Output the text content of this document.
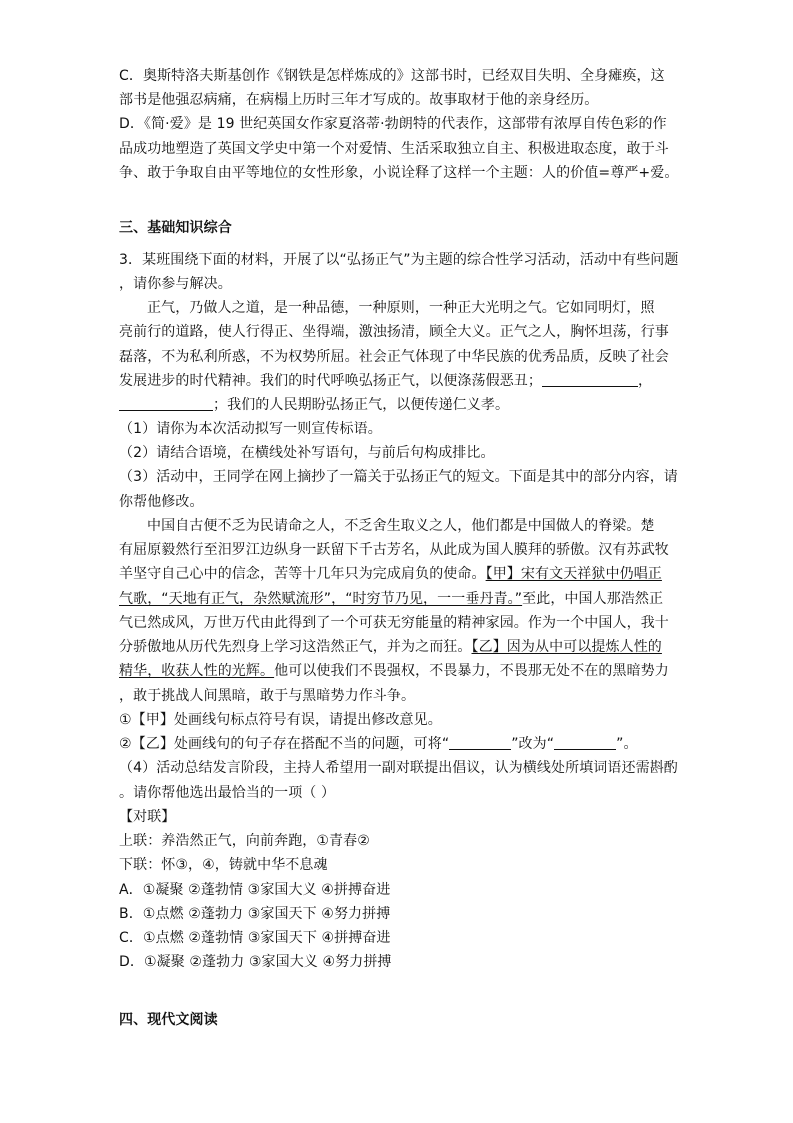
C．奥斯特洛夫斯基创作《钢铁是怎样炼成的》这部书时，已经双目失明、全身瘫痪，这
部书是他强忍病痛，在病榻上历时三年才写成的。故事取材于他的亲身经历。
D．《简·爱》是 19 世纪英国女作家夏洛蒂·勃朗特的代表作，这部带有浓厚自传色彩的作
品成功地塑造了英国文学史中第一个对爱情、生活采取独立自主、积极进取态度，敢于斗
争、敢于争取自由平等地位的女性形象，小说诠释了这样一个主题：人的价值=尊严+爱。
三、基础知识综合
3．某班围绕下面的材料，开展了以“弘扬正气”为主题的综合性学习活动，活动中有些问题
，请你参与解决。
正气，乃做人之道，是一种品德，一种原则，一种正大光明之气。它如同明灯，照
亮前行的道路，使人行得正、坐得端，激浊扬清，顾全大义。正气之人，胸怀坦荡，行事
磊落，不为私利所惑，不为权势所屈。社会正气体现了中华民族的优秀品质，反映了社会
发展进步的时代精神。我们的时代呼唤弘扬正气，以便涤荡假恶丑；	，
；我们的人民期盼弘扬正气，以便传递仁义孝。
（1）请你为本次活动拟写一则宣传标语。
（2）请结合语境，在横线处补写语句，与前后句构成排比。
（3）活动中，王同学在网上摘抄了一篇关于弘扬正气的短文。下面是其中的部分内容，请
你帮他修改。
中国自古便不乏为民请命之人，不乏舍生取义之人，他们都是中国做人的脊梁。楚
有屈原毅然行至汨罗江边纵身一跃留下千古芳名，从此成为国人膜拜的骄傲。汉有苏武牧
羊坚守自己心中的信念，苦等十几年只为完成肩负的使命。【甲】宋有文天祥狱中仍唱正
气歌，“天地有正气，杂然赋流形”，“时穷节乃见，一一垂丹青。”至此，中国人那浩然正
气已然成风，万世万代由此得到了一个可获无穷能量的精神家园。作为一个中国人，我十
分骄傲地从历代先烈身上学习这浩然正气，并为之而狂。【乙】因为从中可以提炼人性的
精华，收获人性的光辉。他可以使我们不畏强权，不畏暴力，不畏那无处不在的黑暗势力
，敢于挑战人间黑暗，敢于与黑暗势力作斗争。
①【甲】处画线句标点符号有误，请提出修改意见。
②【乙】处画线句的句子存在搭配不当的问题，可将“	”改为“	”。
（4）活动总结发言阶段，主持人希望用一副对联提出倡议，认为横线处所填词语还需斟酌
。请你帮他选出最恰当的一项（ ）
【对联】
上联：养浩然正气，向前奔跑，①青春②
下联：怀③，④，铸就中华不息魂
A．①凝聚 ②蓬勃情 ③家国大义 ④拼搏奋进
B．①点燃 ②蓬勃力 ③家国天下 ④努力拼搏
C．①点燃 ②蓬勃情 ③家国天下 ④拼搏奋进
D．①凝聚 ②蓬勃力 ③家国大义 ④努力拼搏
四、现代文阅读
